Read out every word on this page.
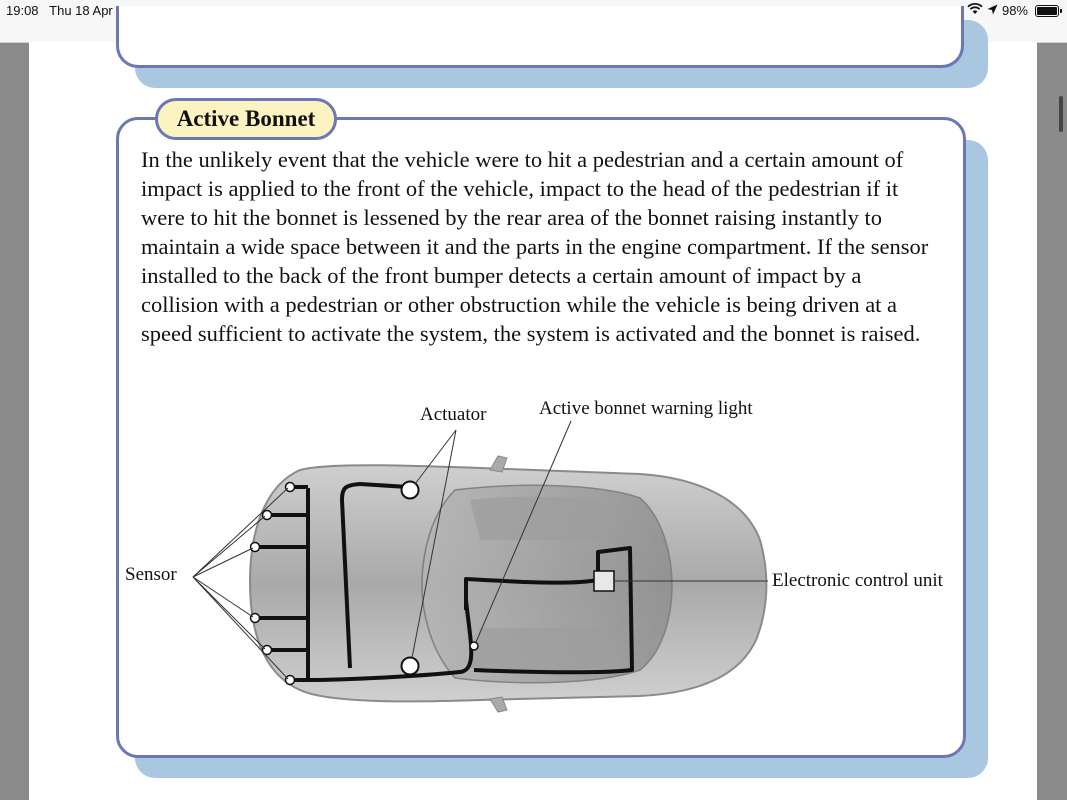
19:08 Thu 18 Apr	98%
Active Bonnet

In the unlikely event that the vehicle were to hit a pedestrian and a certain amount of impact is applied to the front of the vehicle, impact to the head of the pedestrian if it were to hit the bonnet is lessened by the rear area of the bonnet raising instantly to maintain a wide space between it and the parts in the engine compartment. If the sensor installed to the back of the front bumper detects a certain amount of impact by a collision with a pedestrian or other obstruction while the vehicle is being driven at a speed sufficient to activate the system, the system is activated and the bonnet is raised.

Actuator	Active bonnet warning light
Sensor	Electronic control unit
